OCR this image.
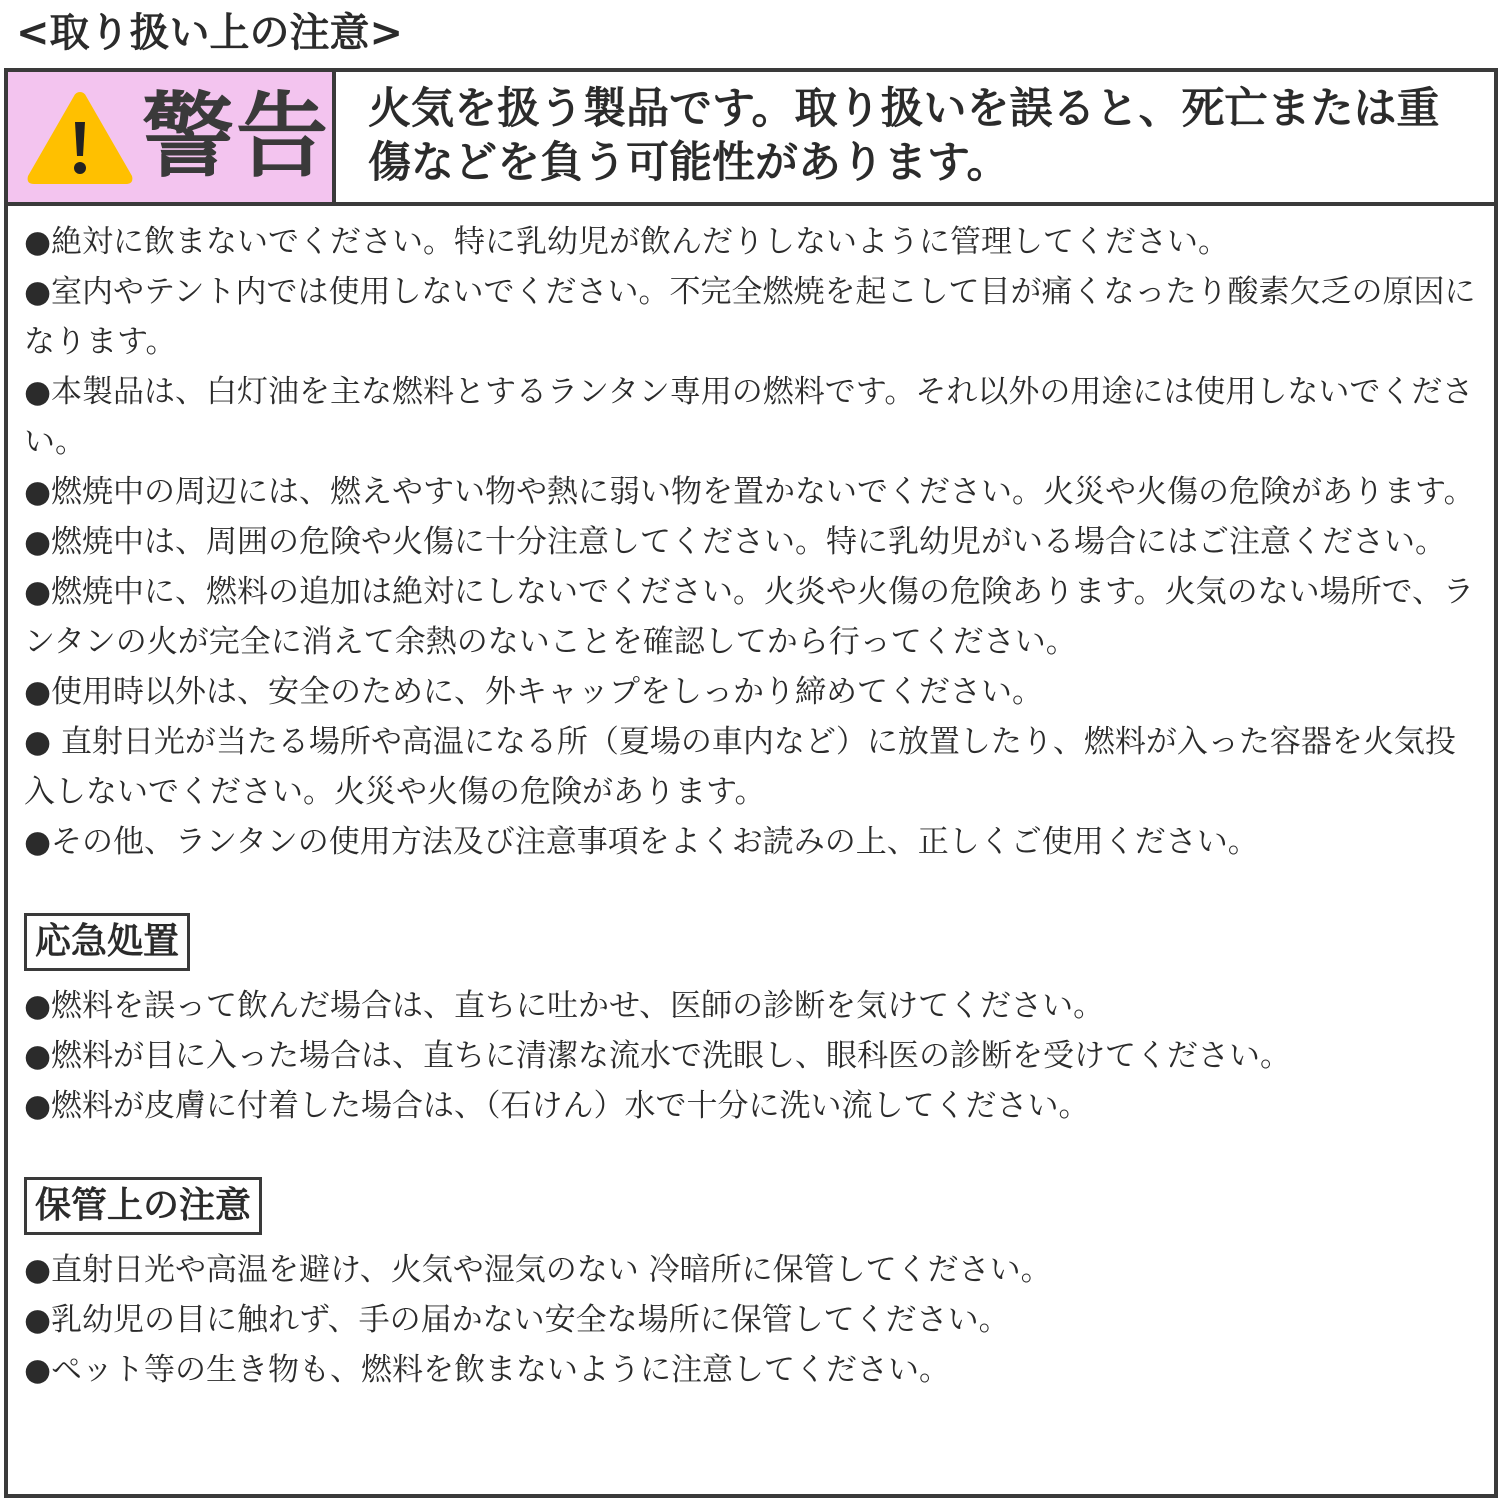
<取り扱い上の注意>
警告 火気を扱う製品です。取り扱いを誤ると、死亡または重傷などを負う可能性があります。

●絶対に飲まないでください。特に乳幼児が飲んだりしないように管理してください。

●室内やテント内では使用しないでください。不完全燃焼を起こして目が痛くなったり酸素欠乏の原因になります。

●本製品は、白灯油を主な燃料とするランタン専用の燃料です。それ以外の用途には使用しないでください。

●燃焼中の周辺には、燃えやすい物や熱に弱い物を置かないでください。火災や火傷の危険があります。

●燃焼中は、周囲の危険や火傷に十分注意してください。特に乳幼児がいる場合にはご注意ください。

●燃焼中に、燃料の追加は絶対にしないでください。火炎や火傷の危険あります。火気のない場所で、ランタンの火が完全に消えて余熱のないことを確認してから行ってください。

●使用時以外は、安全のために、外キャップをしっかり締めてください。

● 直射日光が当たる場所や高温になる所（夏場の車内など）に放置したり、燃料が入った容器を火気投入しないでください。火災や火傷の危険があります。

●その他、ランタンの使用方法及び注意事項をよくお読みの上、正しくご使用ください。

応急処置

●燃料を誤って飲んだ場合は、直ちに吐かせ、医師の診断を気けてください。

●燃料が目に入った場合は、直ちに清潔な流水で洗眼し、眼科医の診断を受けてください。

●燃料が皮膚に付着した場合は、（石けん）水で十分に洗い流してください。

保管上の注意

●直射日光や高温を避け、火気や湿気のない 冷暗所に保管してください。

●乳幼児の目に触れず、手の届かない安全な場所に保管してください。

●ペット等の生き物も、燃料を飲まないように注意してください。
